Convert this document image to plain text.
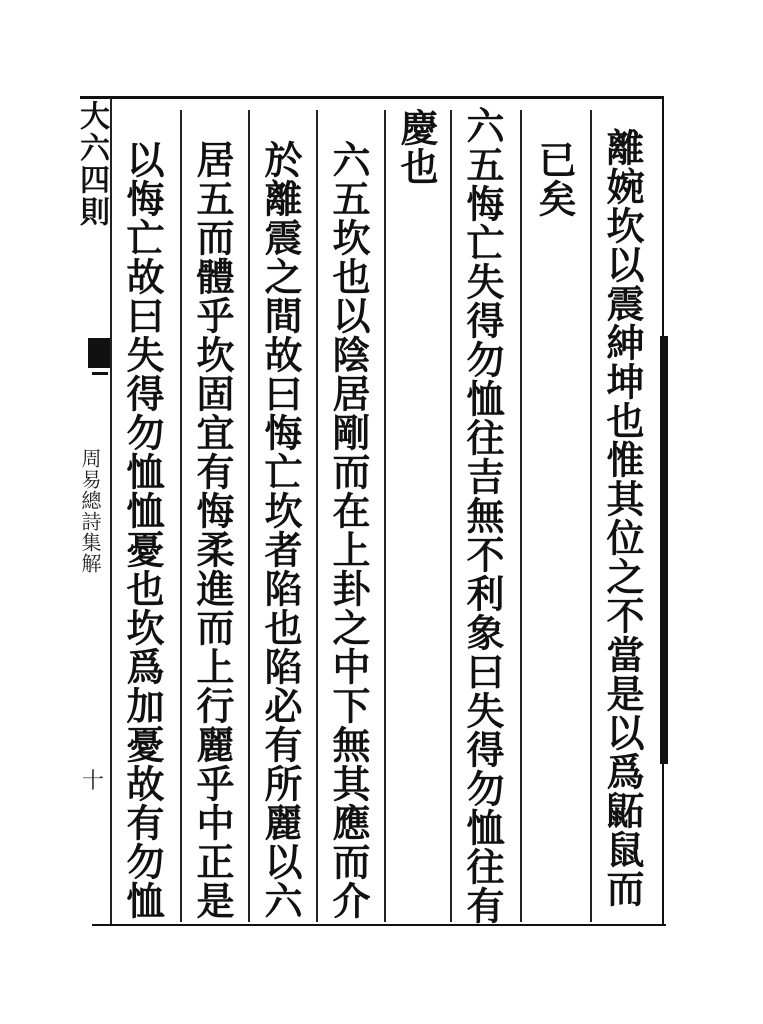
大六四則
周易總詩集解
十	離婉坎以震紳坤也惟其位之不當是以爲鼫鼠而
已矣
六五悔亡失得勿恤往吉無不利象曰失得勿恤往有
慶也
六五坎也以陰居剛而在上卦之中下無其應而介
於離震之間故曰悔亡坎者陷也陷必有所麗以六
居五而體乎坎固宜有悔柔進而上行麗乎中正是
以悔亡故曰失得勿恤恤憂也坎爲加憂故有勿恤
